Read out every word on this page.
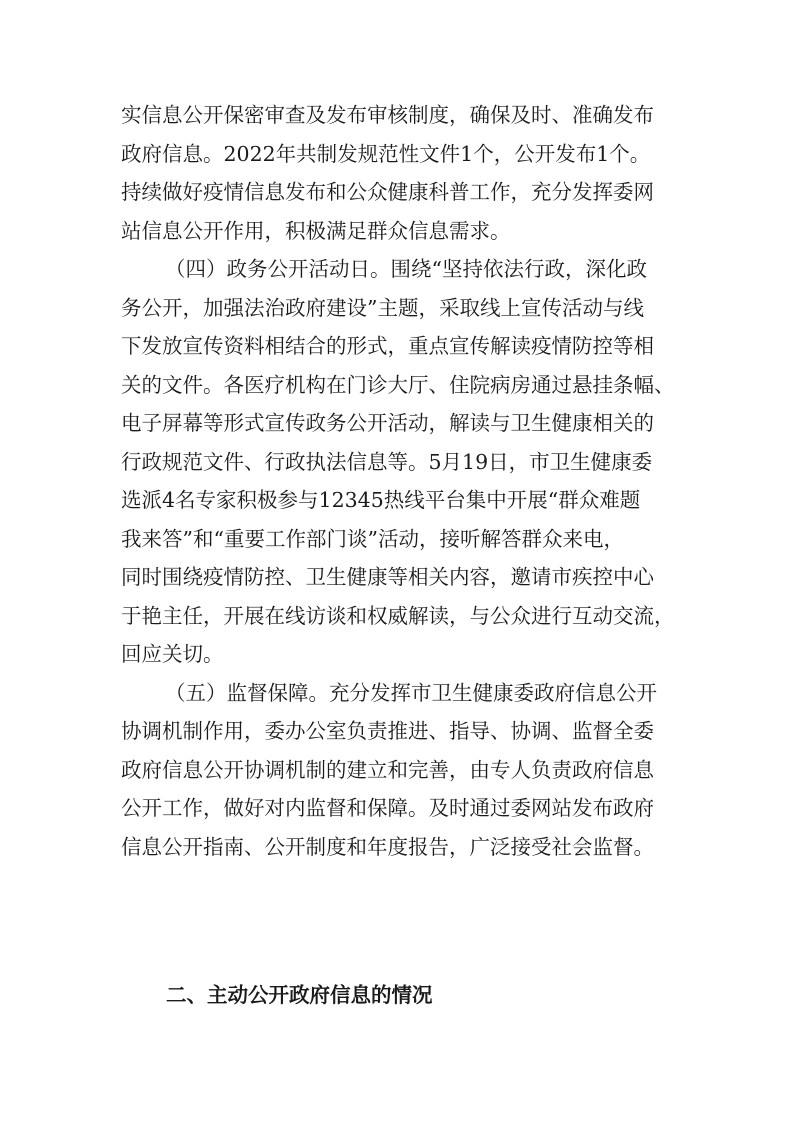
实信息公开保密审查及发布审核制度，确保及时、准确发布
政府信息。2022年共制发规范性文件1个，公开发布1个。
持续做好疫情信息发布和公众健康科普工作，充分发挥委网
站信息公开作用，积极满足群众信息需求。
（四）政务公开活动日。围绕“坚持依法行政，深化政
务公开，加强法治政府建设”主题，采取线上宣传活动与线
下发放宣传资料相结合的形式，重点宣传解读疫情防控等相
关的文件。各医疗机构在门诊大厅、住院病房通过悬挂条幅、
电子屏幕等形式宣传政务公开活动，解读与卫生健康相关的
行政规范文件、行政执法信息等。5月19日，市卫生健康委
选派4名专家积极参与12345热线平台集中开展“群众难题
我来答”和“重要工作部门谈”活动，接听解答群众来电，
同时围绕疫情防控、卫生健康等相关内容，邀请市疾控中心
于艳主任，开展在线访谈和权威解读，与公众进行互动交流，
回应关切。
（五）监督保障。充分发挥市卫生健康委政府信息公开
协调机制作用，委办公室负责推进、指导、协调、监督全委
政府信息公开协调机制的建立和完善，由专人负责政府信息
公开工作，做好对内监督和保障。及时通过委网站发布政府
信息公开指南、公开制度和年度报告，广泛接受社会监督。
二、主动公开政府信息的情况
